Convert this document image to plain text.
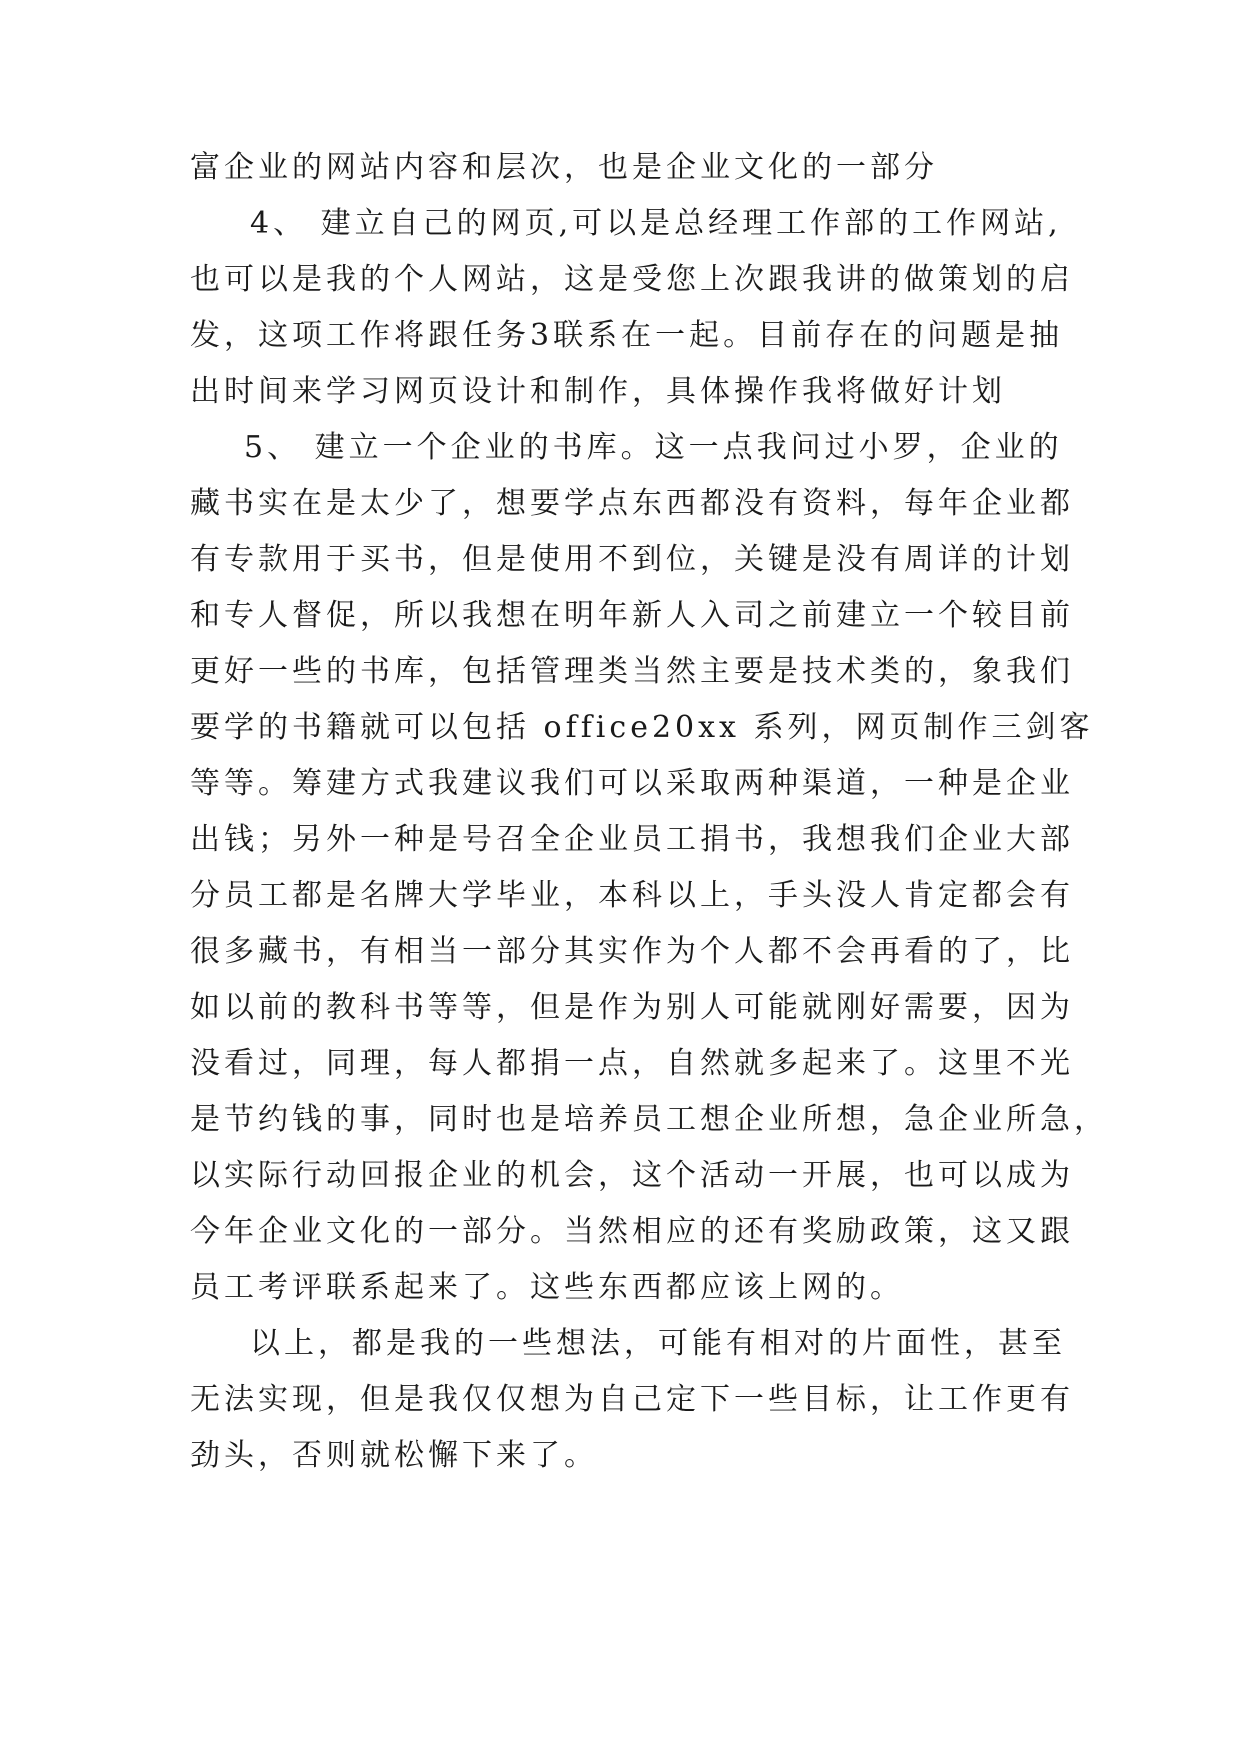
富企业的网站内容和层次，也是企业文化的一部分
4、 建立自己的网页,可以是总经理工作部的工作网站,
也可以是我的个人网站，这是受您上次跟我讲的做策划的启
发，这项工作将跟任务3联系在一起。目前存在的问题是抽
出时间来学习网页设计和制作，具体操作我将做好计划
5、 建立一个企业的书库。这一点我问过小罗，企业的
藏书实在是太少了，想要学点东西都没有资料，每年企业都
有专款用于买书，但是使用不到位，关键是没有周详的计划
和专人督促，所以我想在明年新人入司之前建立一个较目前
更好一些的书库，包括管理类当然主要是技术类的，象我们
要学的书籍就可以包括 office20xx 系列，网页制作三剑客
等等。筹建方式我建议我们可以采取两种渠道，一种是企业
出钱；另外一种是号召全企业员工捐书，我想我们企业大部
分员工都是名牌大学毕业，本科以上，手头没人肯定都会有
很多藏书，有相当一部分其实作为个人都不会再看的了，比
如以前的教科书等等，但是作为别人可能就刚好需要，因为
没看过，同理，每人都捐一点，自然就多起来了。这里不光
是节约钱的事，同时也是培养员工想企业所想，急企业所急，
以实际行动回报企业的机会，这个活动一开展，也可以成为
今年企业文化的一部分。当然相应的还有奖励政策，这又跟
员工考评联系起来了。这些东西都应该上网的。
以上，都是我的一些想法，可能有相对的片面性，甚至
无法实现，但是我仅仅想为自己定下一些目标，让工作更有
劲头，否则就松懈下来了。
